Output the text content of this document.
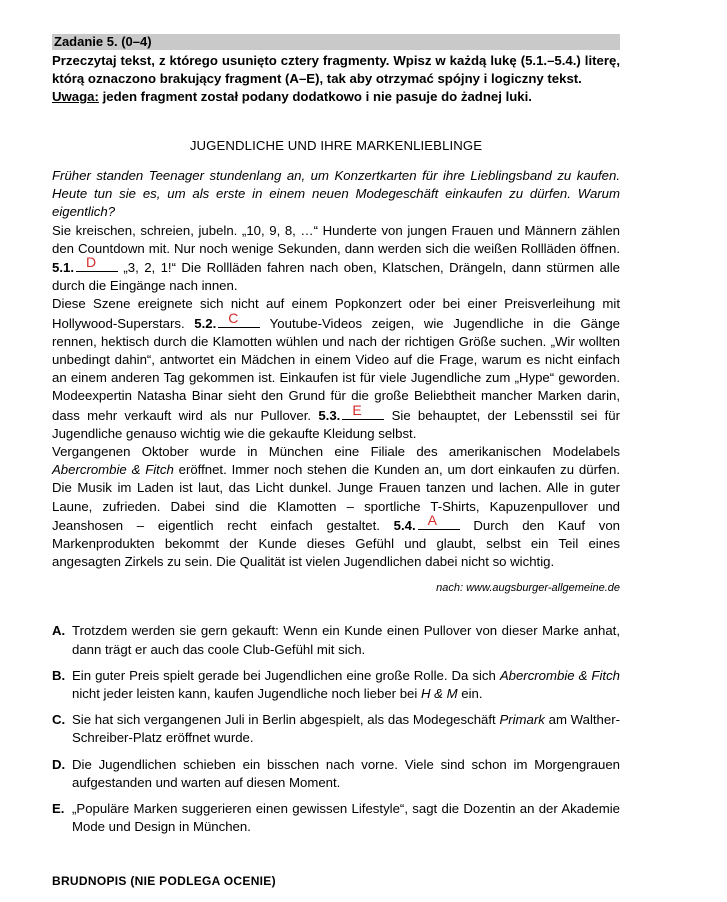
Zadanie 5. (0–4)
Przeczytaj tekst, z którego usunięto cztery fragmenty. Wpisz w każdą lukę (5.1.–5.4.) literę, którą oznaczono brakujący fragment (A–E), tak aby otrzymać spójny i logiczny tekst.
Uwaga: jeden fragment został podany dodatkowo i nie pasuje do żadnej luki.
JUGENDLICHE UND IHRE MARKENLIEBLINGE

Früher standen Teenager stundenlang an, um Konzertkarten für ihre Lieblingsband zu kaufen. Heute tun sie es, um als erste in einem neuen Modegeschäft einkaufen zu dürfen. Warum eigentlich?

Sie kreischen, schreien, jubeln. „10, 9, 8, …“ Hunderte von jungen Frauen und Männern zählen den Countdown mit. Nur noch wenige Sekunden, dann werden sich die weißen Rollläden öffnen. 5.1. D „3, 2, 1!“ Die Rollläden fahren nach oben, Klatschen, Drängeln, dann stürmen alle durch die Eingänge nach innen.

Diese Szene ereignete sich nicht auf einem Popkonzert oder bei einer Preisverleihung mit Hollywood-Superstars. 5.2. C Youtube-Videos zeigen, wie Jugendliche in die Gänge rennen, hektisch durch die Klamotten wühlen und nach der richtigen Größe suchen. „Wir wollten unbedingt dahin“, antwortet ein Mädchen in einem Video auf die Frage, warum es nicht einfach an einem anderen Tag gekommen ist. Einkaufen ist für viele Jugendliche zum „Hype“ geworden. Modeexpertin Natasha Binar sieht den Grund für die große Beliebtheit mancher Marken darin, dass mehr verkauft wird als nur Pullover. 5.3. E Sie behauptet, der Lebensstil sei für Jugendliche genauso wichtig wie die gekaufte Kleidung selbst.

Vergangenen Oktober wurde in München eine Filiale des amerikanischen Modelabels Abercrombie & Fitch eröffnet. Immer noch stehen die Kunden an, um dort einkaufen zu dürfen. Die Musik im Laden ist laut, das Licht dunkel. Junge Frauen tanzen und lachen. Alle in guter Laune, zufrieden. Dabei sind die Klamotten – sportliche T-Shirts, Kapuzenpullover und Jeanshosen – eigentlich recht einfach gestaltet. 5.4. A Durch den Kauf von Markenprodukten bekommt der Kunde dieses Gefühl und glaubt, selbst ein Teil eines angesagten Zirkels zu sein. Die Qualität ist vielen Jugendlichen dabei nicht so wichtig.

nach: www.augsburger-allgemeine.de
A. Trotzdem werden sie gern gekauft: Wenn ein Kunde einen Pullover von dieser Marke anhat, dann trägt er auch das coole Club-Gefühl mit sich.
B. Ein guter Preis spielt gerade bei Jugendlichen eine große Rolle. Da sich Abercrombie & Fitch nicht jeder leisten kann, kaufen Jugendliche noch lieber bei H & M ein.
C. Sie hat sich vergangenen Juli in Berlin abgespielt, als das Modegeschäft Primark am Walther-Schreiber-Platz eröffnet wurde.
D. Die Jugendlichen schieben ein bisschen nach vorne. Viele sind schon im Morgengrauen aufgestanden und warten auf diesen Moment.
E. „Populäre Marken suggerieren einen gewissen Lifestyle“, sagt die Dozentin an der Akademie Mode und Design in München.
BRUDNOPIS (NIE PODLEGA OCENIE)
